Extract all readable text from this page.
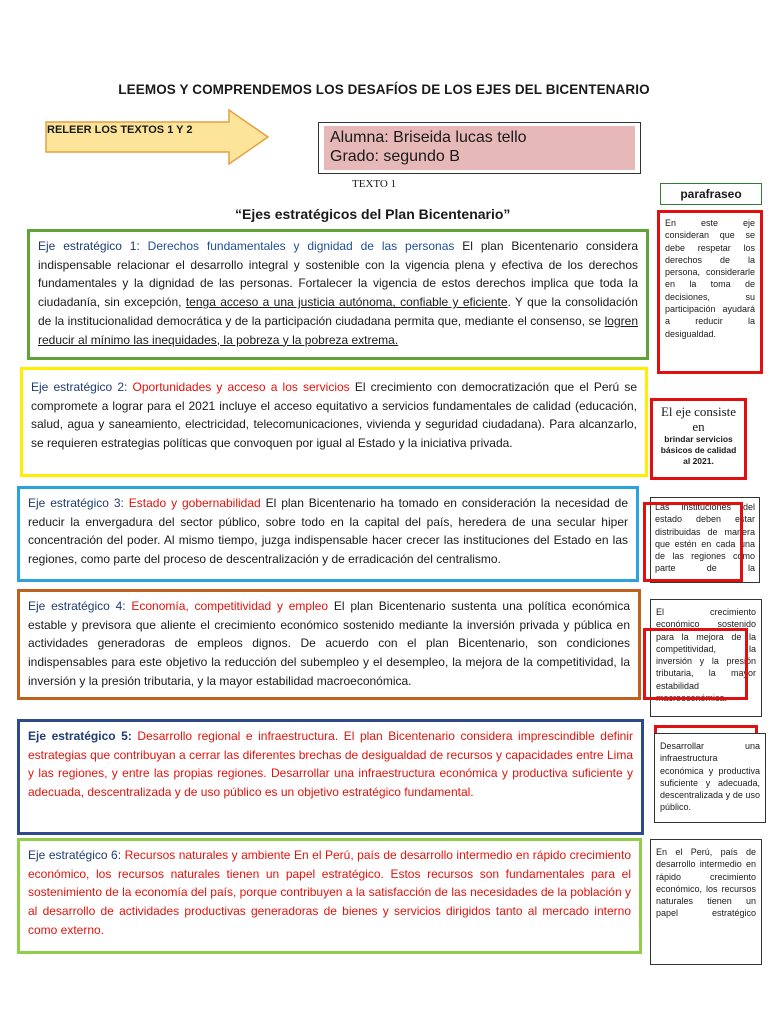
LEEMOS Y COMPRENDEMOS LOS DESAFÍOS DE LOS EJES DEL BICENTENARIO
RELEER LOS TEXTOS 1 Y 2	Alumna: Briseida lucas tello
Grado: segundo B
TEXTO 1
“Ejes estratégicos del Plan Bicentenario”
parafraseo

Eje estratégico 1: Derechos fundamentales y dignidad de las personas El plan Bicentenario considera indispensable relacionar el desarrollo integral y sostenible con la vigencia plena y efectiva de los derechos fundamentales y la dignidad de las personas. Fortalecer la vigencia de estos derechos implica que toda la ciudadanía, sin excepción, tenga acceso a una justicia autónoma, confiable y eficiente. Y que la consolidación de la institucionalidad democrática y de la participación ciudadana permita que, mediante el consenso, se logren reducir al mínimo las inequidades, la pobreza y la pobreza extrema.

Eje estratégico 2: Oportunidades y acceso a los servicios El crecimiento con democratización que el Perú se compromete a lograr para el 2021 incluye el acceso equitativo a servicios fundamentales de calidad (educación, salud, agua y saneamiento, electricidad, telecomunicaciones, vivienda y seguridad ciudadana). Para alcanzarlo, se requieren estrategias políticas que convoquen por igual al Estado y la iniciativa privada.

Eje estratégico 3: Estado y gobernabilidad El plan Bicentenario ha tomado en consideración la necesidad de reducir la envergadura del sector público, sobre todo en la capital del país, heredera de una secular hiper concentración del poder. Al mismo tiempo, juzga indispensable hacer crecer las instituciones del Estado en las regiones, como parte del proceso de descentralización y de erradicación del centralismo.

Eje estratégico 4: Economía, competitividad y empleo El plan Bicentenario sustenta una política económica estable y previsora que aliente el crecimiento económico sostenido mediante la inversión privada y pública en actividades generadoras de empleos dignos. De acuerdo con el plan Bicentenario, son condiciones indispensables para este objetivo la reducción del subempleo y el desempleo, la mejora de la competitividad, la inversión y la presión tributaria, y la mayor estabilidad macroeconómica.

Eje estratégico 5: Desarrollo regional e infraestructura. El plan Bicentenario considera imprescindible definir estrategias que contribuyan a cerrar las diferentes brechas de desigualdad de recursos y capacidades entre Lima y las regiones, y entre las propias regiones. Desarrollar una infraestructura económica y productiva suficiente y adecuada, descentralizada y de uso público es un objetivo estratégico fundamental.

Eje estratégico 6: Recursos naturales y ambiente En el Perú, país de desarrollo intermedio en rápido crecimiento económico, los recursos naturales tienen un papel estratégico. Estos recursos son fundamentales para el sostenimiento de la economía del país, porque contribuyen a la satisfacción de las necesidades de la población y al desarrollo de actividades productivas generadoras de bienes y servicios dirigidos tanto al mercado interno como externo.

En este eje consideran que se debe respetar los derechos de la persona, considerarle en la toma de decisiones, su participación ayudará a reducir la desigualdad.
El eje consiste en
brindar servicios básicos de calidad al 2021.
Las instituciones del estado deben estar distribuidas de manera que estén en cada una de las regiones como parte de la
El crecimiento económico sostenido para la mejora de la competitividad, la inversión y la presión tributaria, la mayor estabilidad macroeconómica.
Desarrollar una infraestructura económica y productiva suficiente y adecuada, descentralizada y de uso público.
En el Perú, país de desarrollo intermedio en rápido crecimiento económico, los recursos naturales tienen un papel estratégico
